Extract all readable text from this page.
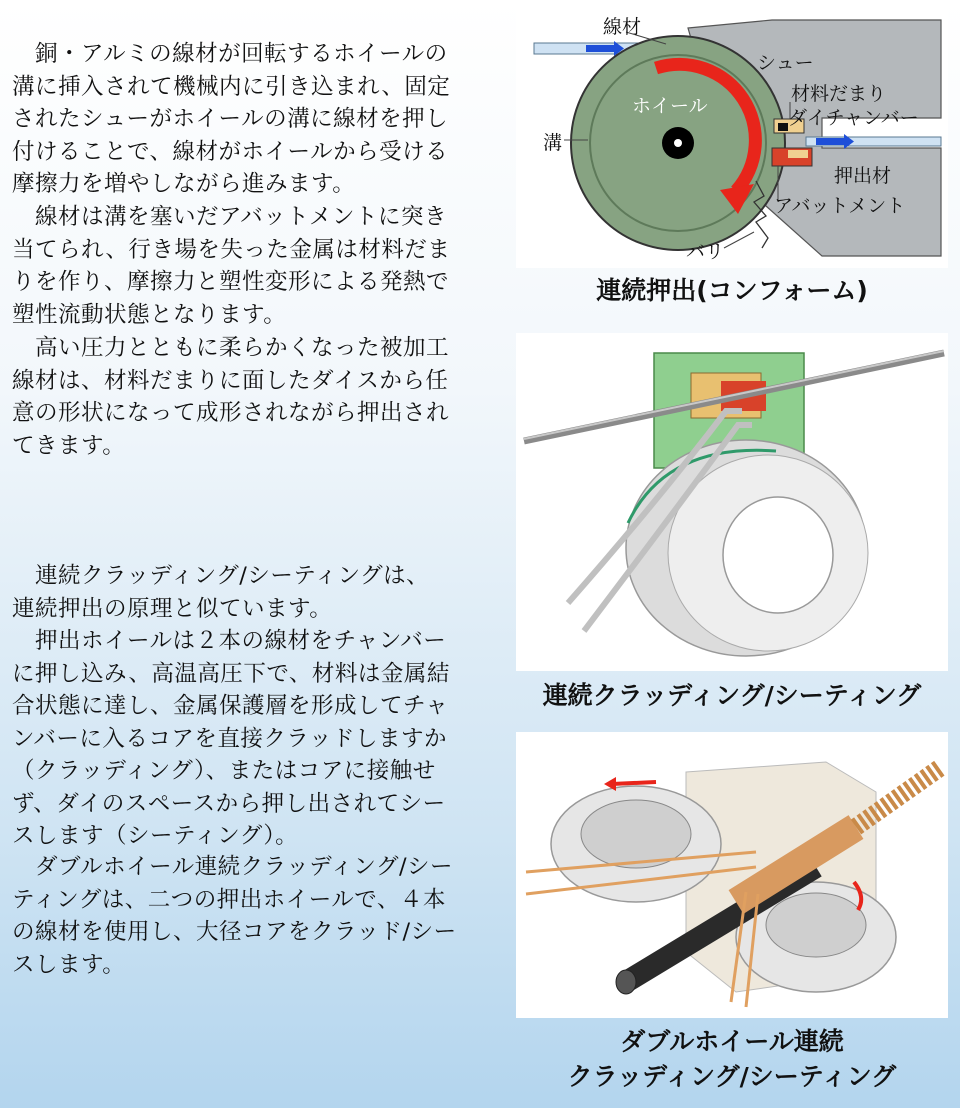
　銅・アルミの線材が回転するホイールの
溝に挿入されて機械内に引き込まれ、固定
されたシューがホイールの溝に線材を押し
付けることで、線材がホイールから受ける
摩擦力を増やしながら進みます。

　線材は溝を塞いだアバットメントに突き
当てられ、行き場を失った金属は材料だま
りを作り、摩擦力と塑性変形による発熱で
塑性流動状態となります。

　高い圧力とともに柔らかくなった被加工
線材は、材料だまりに面したダイスから任
意の形状になって成形されながら押出され
てきます。

　連続クラッディング/シーティングは、
連続押出の原理と似ています。

　押出ホイールは２本の線材をチャンバー
に押し込み、高温高圧下で、材料は金属結
合状態に達し、金属保護層を形成してチャ
ンバーに入るコアを直接クラッドしますか
（クラッディング）、またはコアに接触せ
ず、ダイのスペースから押し出されてシー
スします（シーティング）。

　ダブルホイール連続クラッディング/シー
ティングは、二つの押出ホイールで、４本
の線材を使用し、大径コアをクラッド/シー
スします。

線材
シュー
材料だまり
ダイチャンバー
ホイール
溝
押出材
アバットメント
バリ
連続押出(コンフォーム)
連続クラッディング/シーティング
ダブルホイール連続
クラッディング/シーティング
